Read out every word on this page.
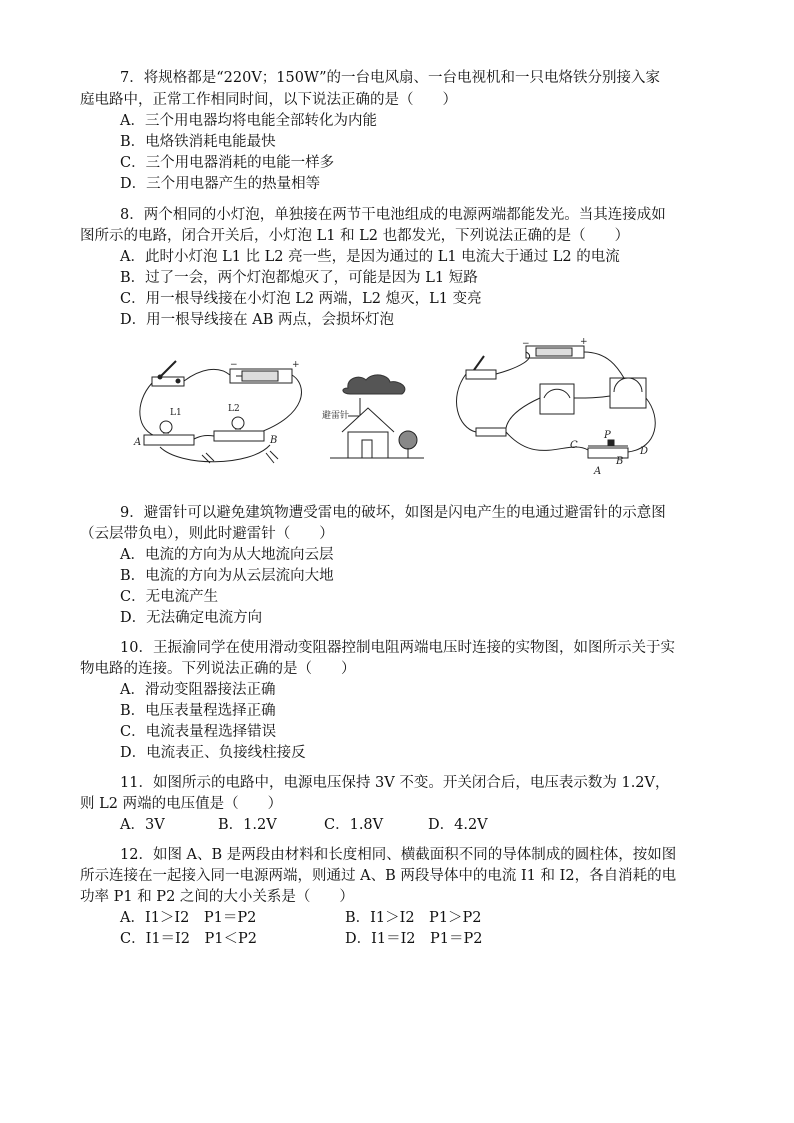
7．将规格都是“220V；150W”的一台电风扇、一台电视机和一只电烙铁分别接入家
庭电路中，正常工作相同时间，以下说法正确的是（　　）
A．三个用电器均将电能全部转化为内能
B．电烙铁消耗电能最快
C．三个用电器消耗的电能一样多
D．三个用电器产生的热量相等
8．两个相同的小灯泡，单独接在两节干电池组成的电源两端都能发光。当其连接成如
图所示的电路，闭合开关后，小灯泡 L1 和 L2 也都发光，下列说法正确的是（　　）
A．此时小灯泡 L1 比 L2 亮一些，是因为通过的 L1 电流大于通过 L2 的电流
B．过了一会，两个灯泡都熄灭了，可能是因为 L1 短路
C．用一根导线接在小灯泡 L2 两端，L2 熄灭，L1 变亮
D．用一根导线接在 AB 两点，会损坏灯泡
−	+
L1	L2
A	B
避雷针
−	+
C
P
D
A
B
9．避雷针可以避免建筑物遭受雷电的破坏，如图是闪电产生的电通过避雷针的示意图
（云层带负电），则此时避雷针（　　）
A．电流的方向为从大地流向云层
B．电流的方向为从云层流向大地
C．无电流产生
D．无法确定电流方向
10．王振渝同学在使用滑动变阻器控制电阻两端电压时连接的实物图，如图所示关于实
物电路的连接。下列说法正确的是（　　）
A．滑动变阻器接法正确
B．电压表量程选择正确
C．电流表量程选择错误
D．电流表正、负接线柱接反
11．如图所示的电路中，电源电压保持 3V 不变。开关闭合后，电压表示数为 1.2V，
则 L2 两端的电压值是（　　）
A．3V	B．1.2V	C．1.8V	D．4.2V
12．如图 A、B 是两段由材料和长度相同、横截面积不同的导体制成的圆柱体，按如图
所示连接在一起接入同一电源两端，则通过 A、B 两段导体中的电流 I1 和 I2，各自消耗的电
功率 P1 和 P2 之间的大小关系是（　　）
A．I1＞I2　P1＝P2	B．I1＞I2　P1＞P2
C．I1＝I2　P1＜P2	D．I1＝I2　P1＝P2
